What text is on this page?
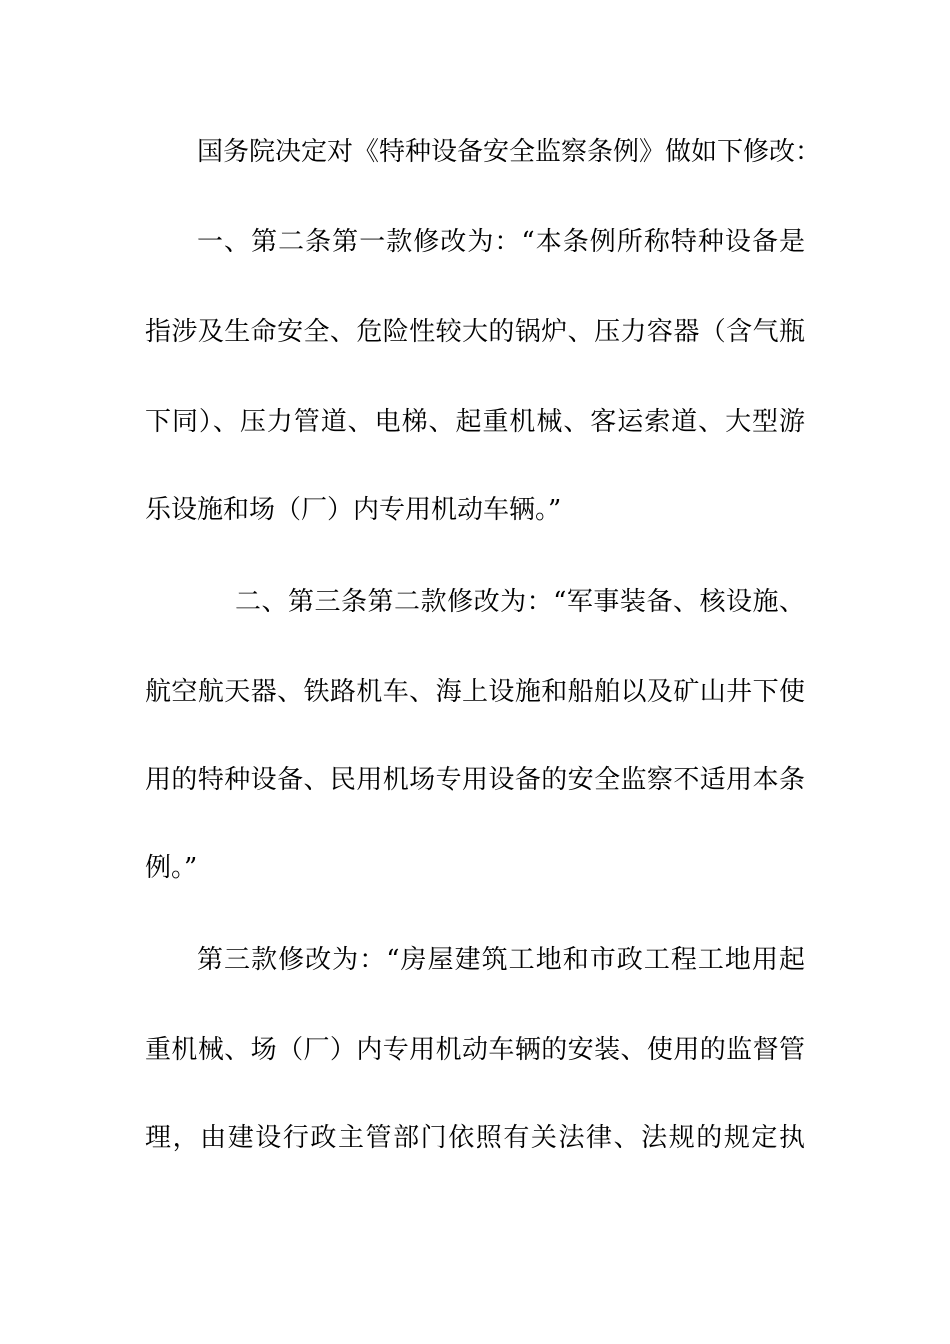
国务院决定对《特种设备安全监察条例》做如下修改：
一、第二条第一款修改为：“本条例所称特种设备是
指涉及生命安全、危险性较大的锅炉、压力容器（含气瓶
下同）、压力管道、电梯、起重机械、客运索道、大型游
乐设施和场（厂）内专用机动车辆。”
二、第三条第二款修改为：“军事装备、核设施、
航空航天器、铁路机车、海上设施和船舶以及矿山井下使
用的特种设备、民用机场专用设备的安全监察不适用本条
例。”
第三款修改为：“房屋建筑工地和市政工程工地用起
重机械、场（厂）内专用机动车辆的安装、使用的监督管
理，由建设行政主管部门依照有关法律、法规的规定执
